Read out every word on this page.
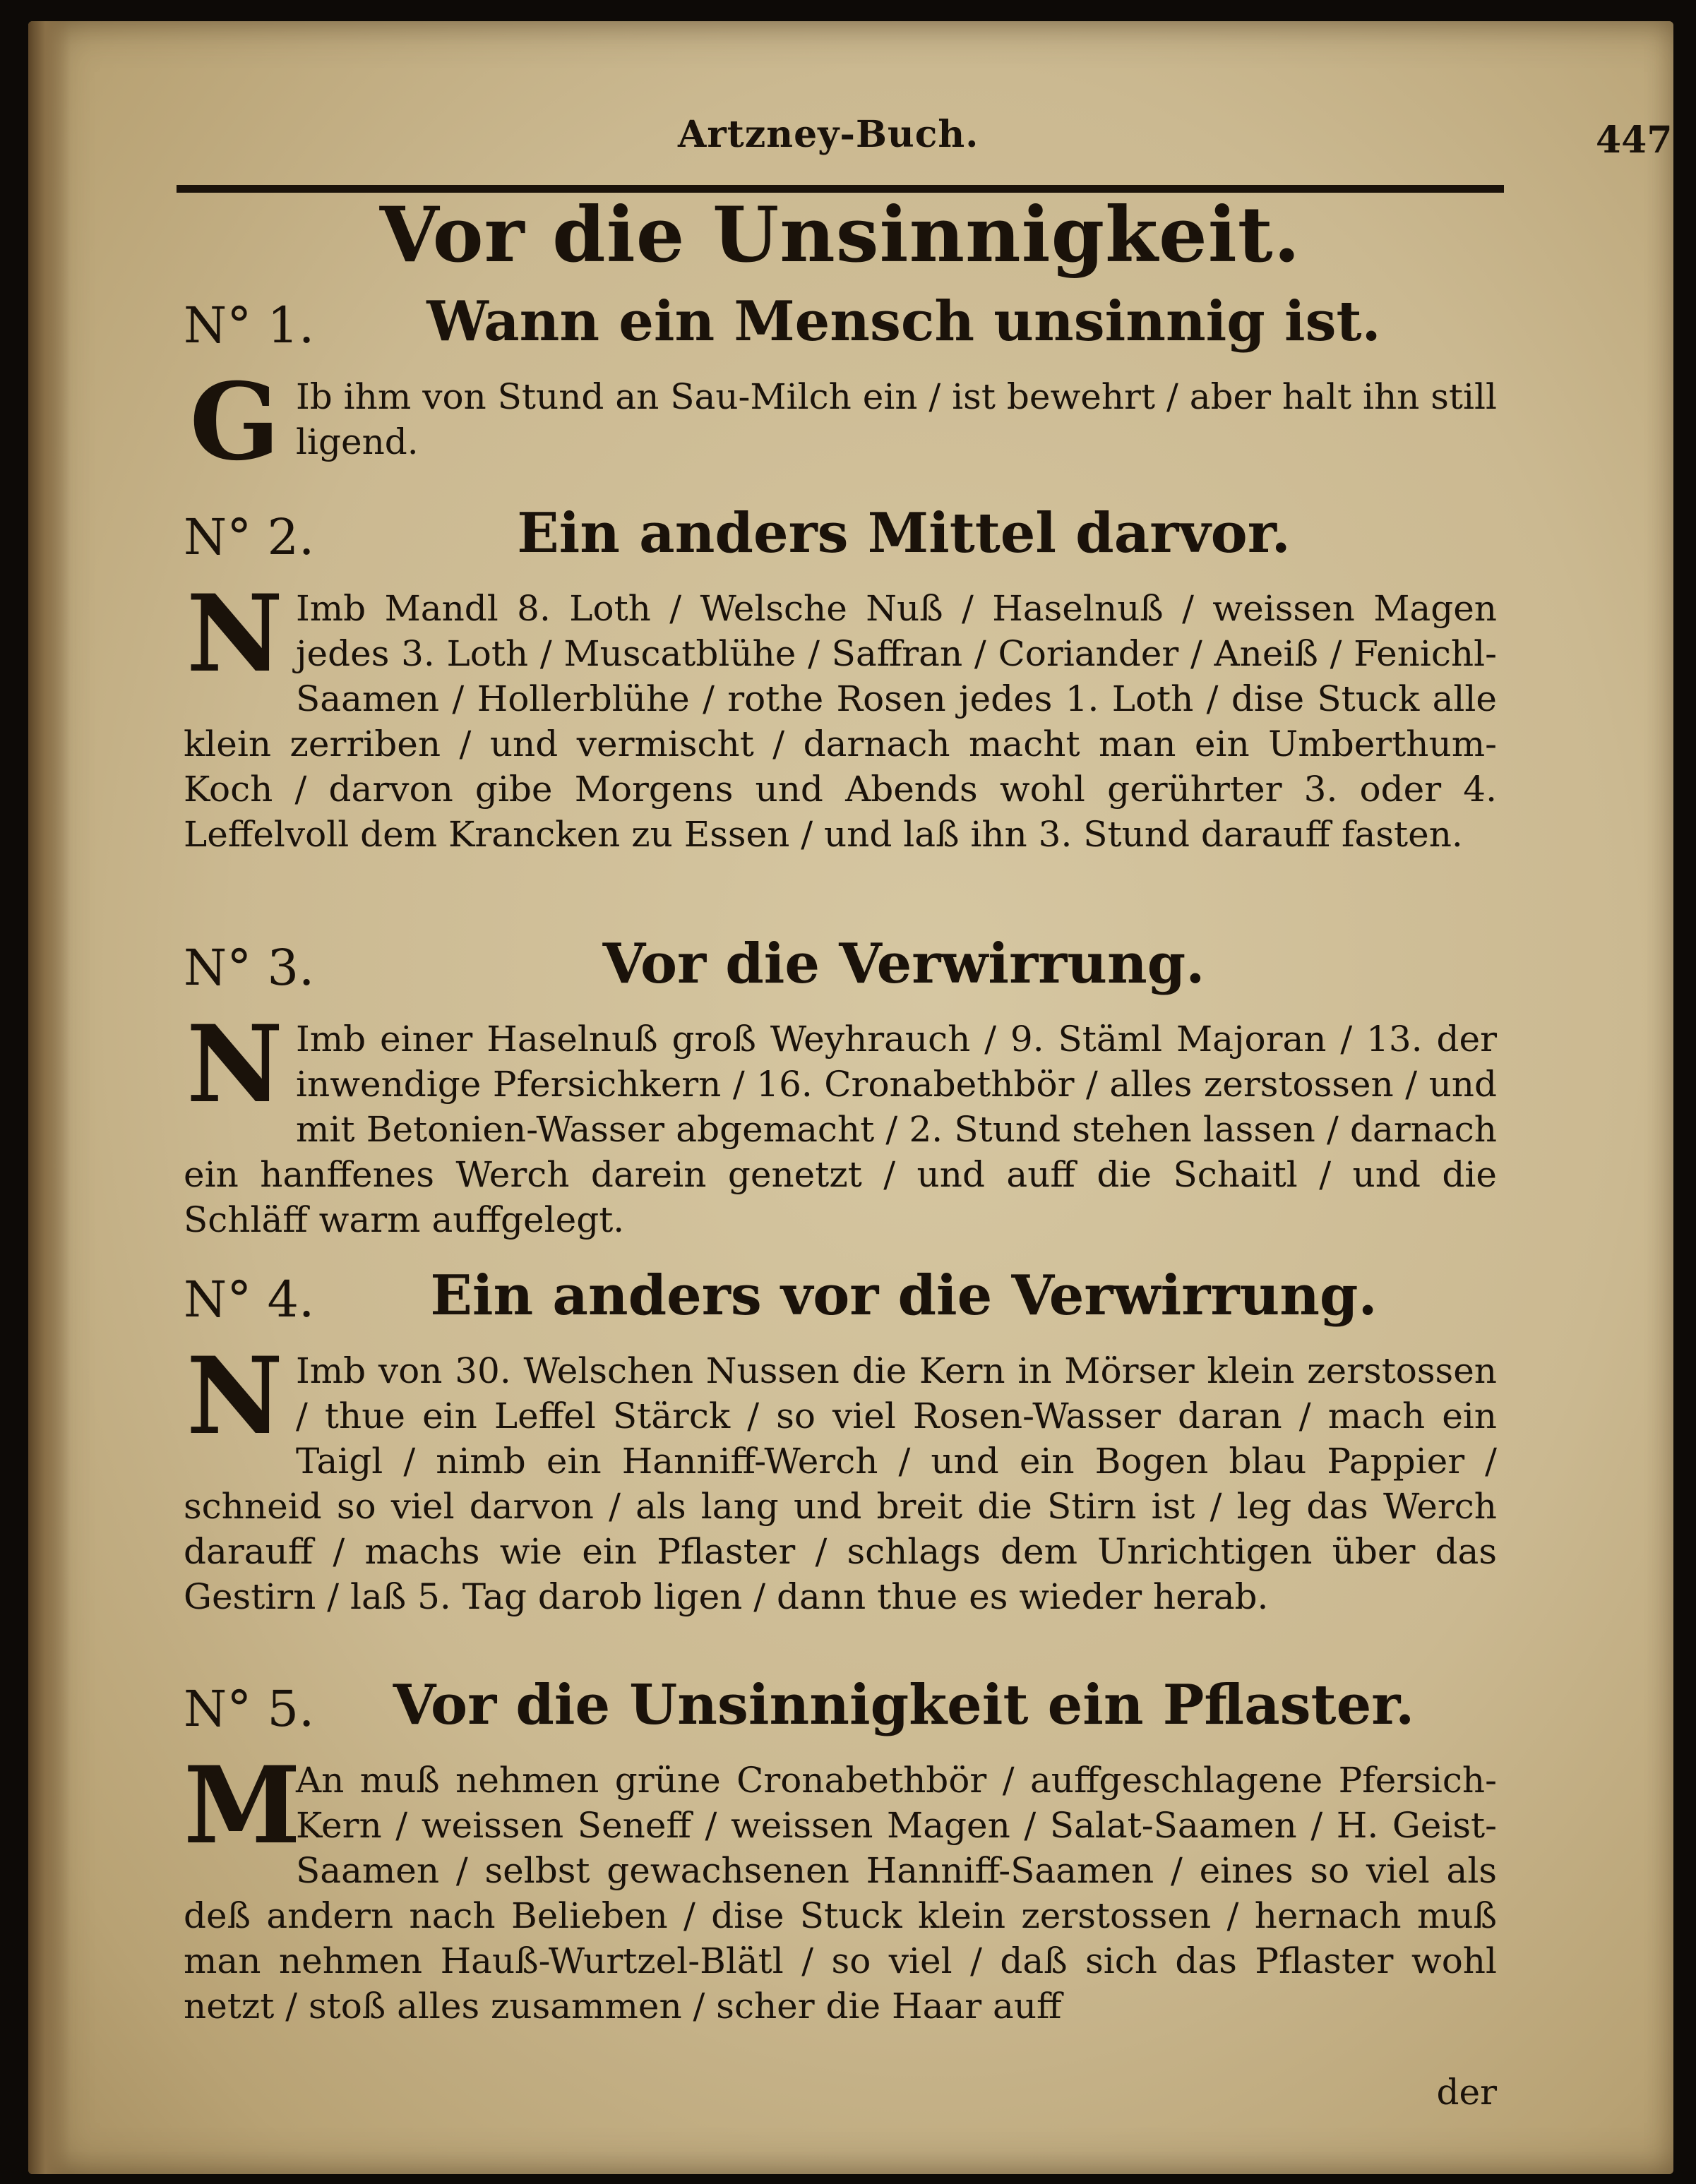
Artzney-Buch.	447
Vor die Unsinnigkeit.
N° 1.	Wann ein Mensch unsinnig ist.
G Ib ihm von Stund an Sau-Milch ein / ist bewehrt / aber halt ihn still ligend.

N° 2.	Ein anders Mittel darvor.
N Imb Mandl 8. Loth / Welsche Nuß / Haselnuß / weissen Magen jedes 3. Loth / Muscatblühe / Saffran / Coriander / Aneiß / Fenichl-Saamen / Hollerblühe / rothe Rosen jedes 1. Loth / dise Stuck alle klein zerriben / und vermischt / darnach macht man ein Umberthum-Koch / darvon gibe Morgens und Abends wohl gerührter 3. oder 4. Leffelvoll dem Krancken zu Essen / und laß ihn 3. Stund darauff fasten.

N° 3.	Vor die Verwirrung.
N Imb einer Haselnuß groß Weyhrauch / 9. Stäml Majoran / 13. der inwendige Pfersichkern / 16. Cronabethbör / alles zerstossen / und mit Betonien-Wasser abgemacht / 2. Stund stehen lassen / darnach ein hanffenes Werch darein genetzt / und auff die Schaitl / und die Schläff warm auffgelegt.

N° 4.	Ein anders vor die Verwirrung.
N Imb von 30. Welschen Nussen die Kern in Mörser klein zerstossen / thue ein Leffel Stärck / so viel Rosen-Wasser daran / mach ein Taigl / nimb ein Hanniff-Werch / und ein Bogen blau Pappier / schneid so viel darvon / als lang und breit die Stirn ist / leg das Werch darauff / machs wie ein Pflaster / schlags dem Unrichtigen über das Gestirn / laß 5. Tag darob ligen / dann thue es wieder herab.

N° 5.	Vor die Unsinnigkeit ein Pflaster.
M

An muß nehmen grüne Cronabethbör / auffgeschlagene Pfersich-Kern / weissen Seneff / weissen Magen / Salat-Saamen / H. Geist-Saamen / selbst gewachsenen Hanniff-Saamen / eines so viel als deß andern nach Belieben / dise Stuck klein zerstossen / hernach muß man nehmen Hauß-Wurtzel-Blätl / so viel / daß sich das Pflaster wohl netzt / stoß alles zusammen / scher die Haar auff

der
